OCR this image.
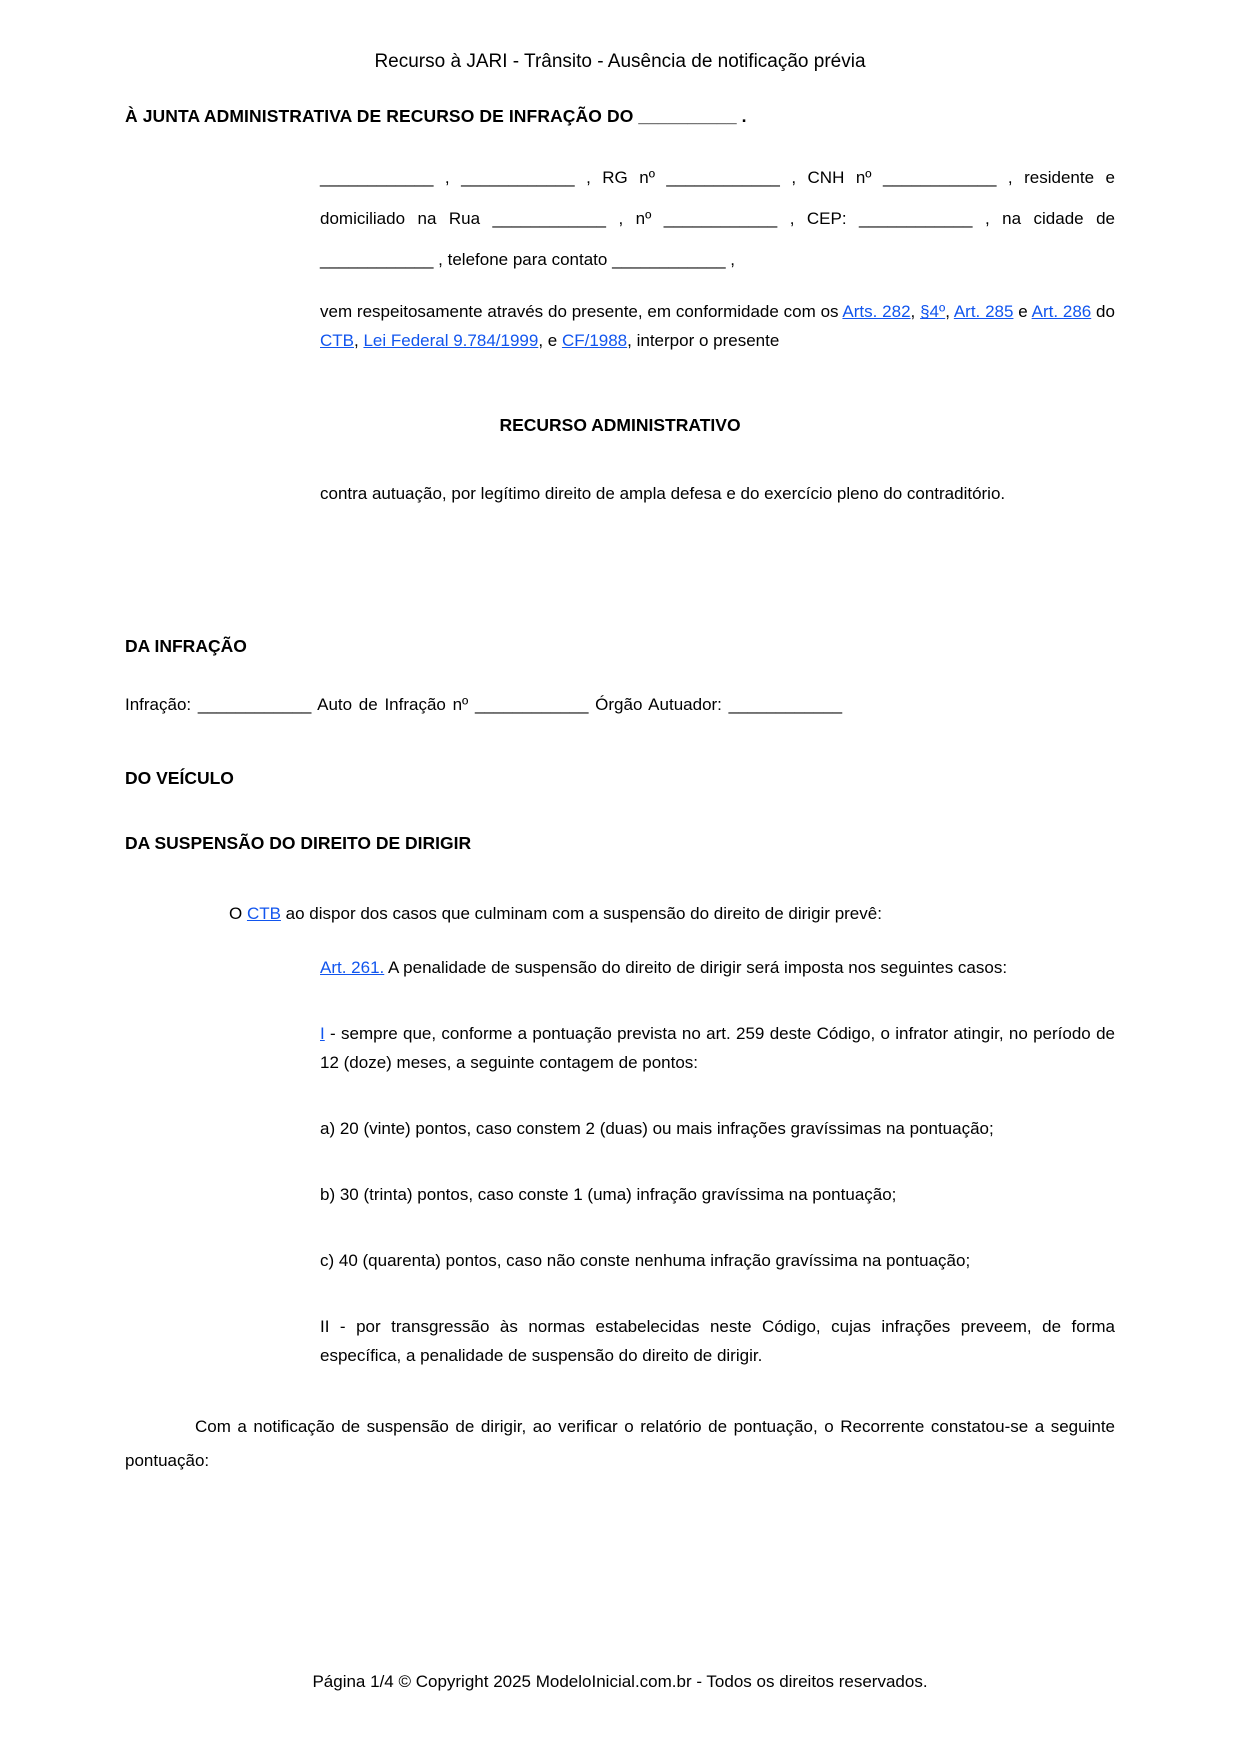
Recurso à JARI - Trânsito - Ausência de notificação prévia
À JUNTA ADMINISTRATIVA DE RECURSO DE INFRAÇÃO DO __________ .

____________ , ____________ , RG nº ____________ , CNH nº ____________ , residente e domiciliado na Rua ____________ , nº ____________ , CEP: ____________ , na cidade de ____________ , telefone para contato ____________ ,

vem respeitosamente através do presente, em conformidade com os Arts. 282, §4º, Art. 285 e Art. 286 do CTB, Lei Federal 9.784/1999, e CF/1988, interpor o presente

RECURSO ADMINISTRATIVO

contra autuação, por legítimo direito de ampla defesa e do exercício pleno do contraditório.

DA INFRAÇÃO
Infração: ____________ Auto de Infração nº ____________ Órgão Autuador: ____________
DO VEÍCULO
DA SUSPENSÃO DO DIREITO DE DIRIGIR

O CTB ao dispor dos casos que culminam com a suspensão do direito de dirigir prevê:

Art. 261. A penalidade de suspensão do direito de dirigir será imposta nos seguintes casos:

I - sempre que, conforme a pontuação prevista no art. 259 deste Código, o infrator atingir, no período de 12 (doze) meses, a seguinte contagem de pontos:

a) 20 (vinte) pontos, caso constem 2 (duas) ou mais infrações gravíssimas na pontuação;

b) 30 (trinta) pontos, caso conste 1 (uma) infração gravíssima na pontuação;

c) 40 (quarenta) pontos, caso não conste nenhuma infração gravíssima na pontuação;

II - por transgressão às normas estabelecidas neste Código, cujas infrações preveem, de forma específica, a penalidade de suspensão do direito de dirigir.

Com a notificação de suspensão de dirigir, ao verificar o relatório de pontuação, o Recorrente constatou-se a seguinte pontuação:

Página 1/4 © Copyright 2025 ModeloInicial.com.br - Todos os direitos reservados.
